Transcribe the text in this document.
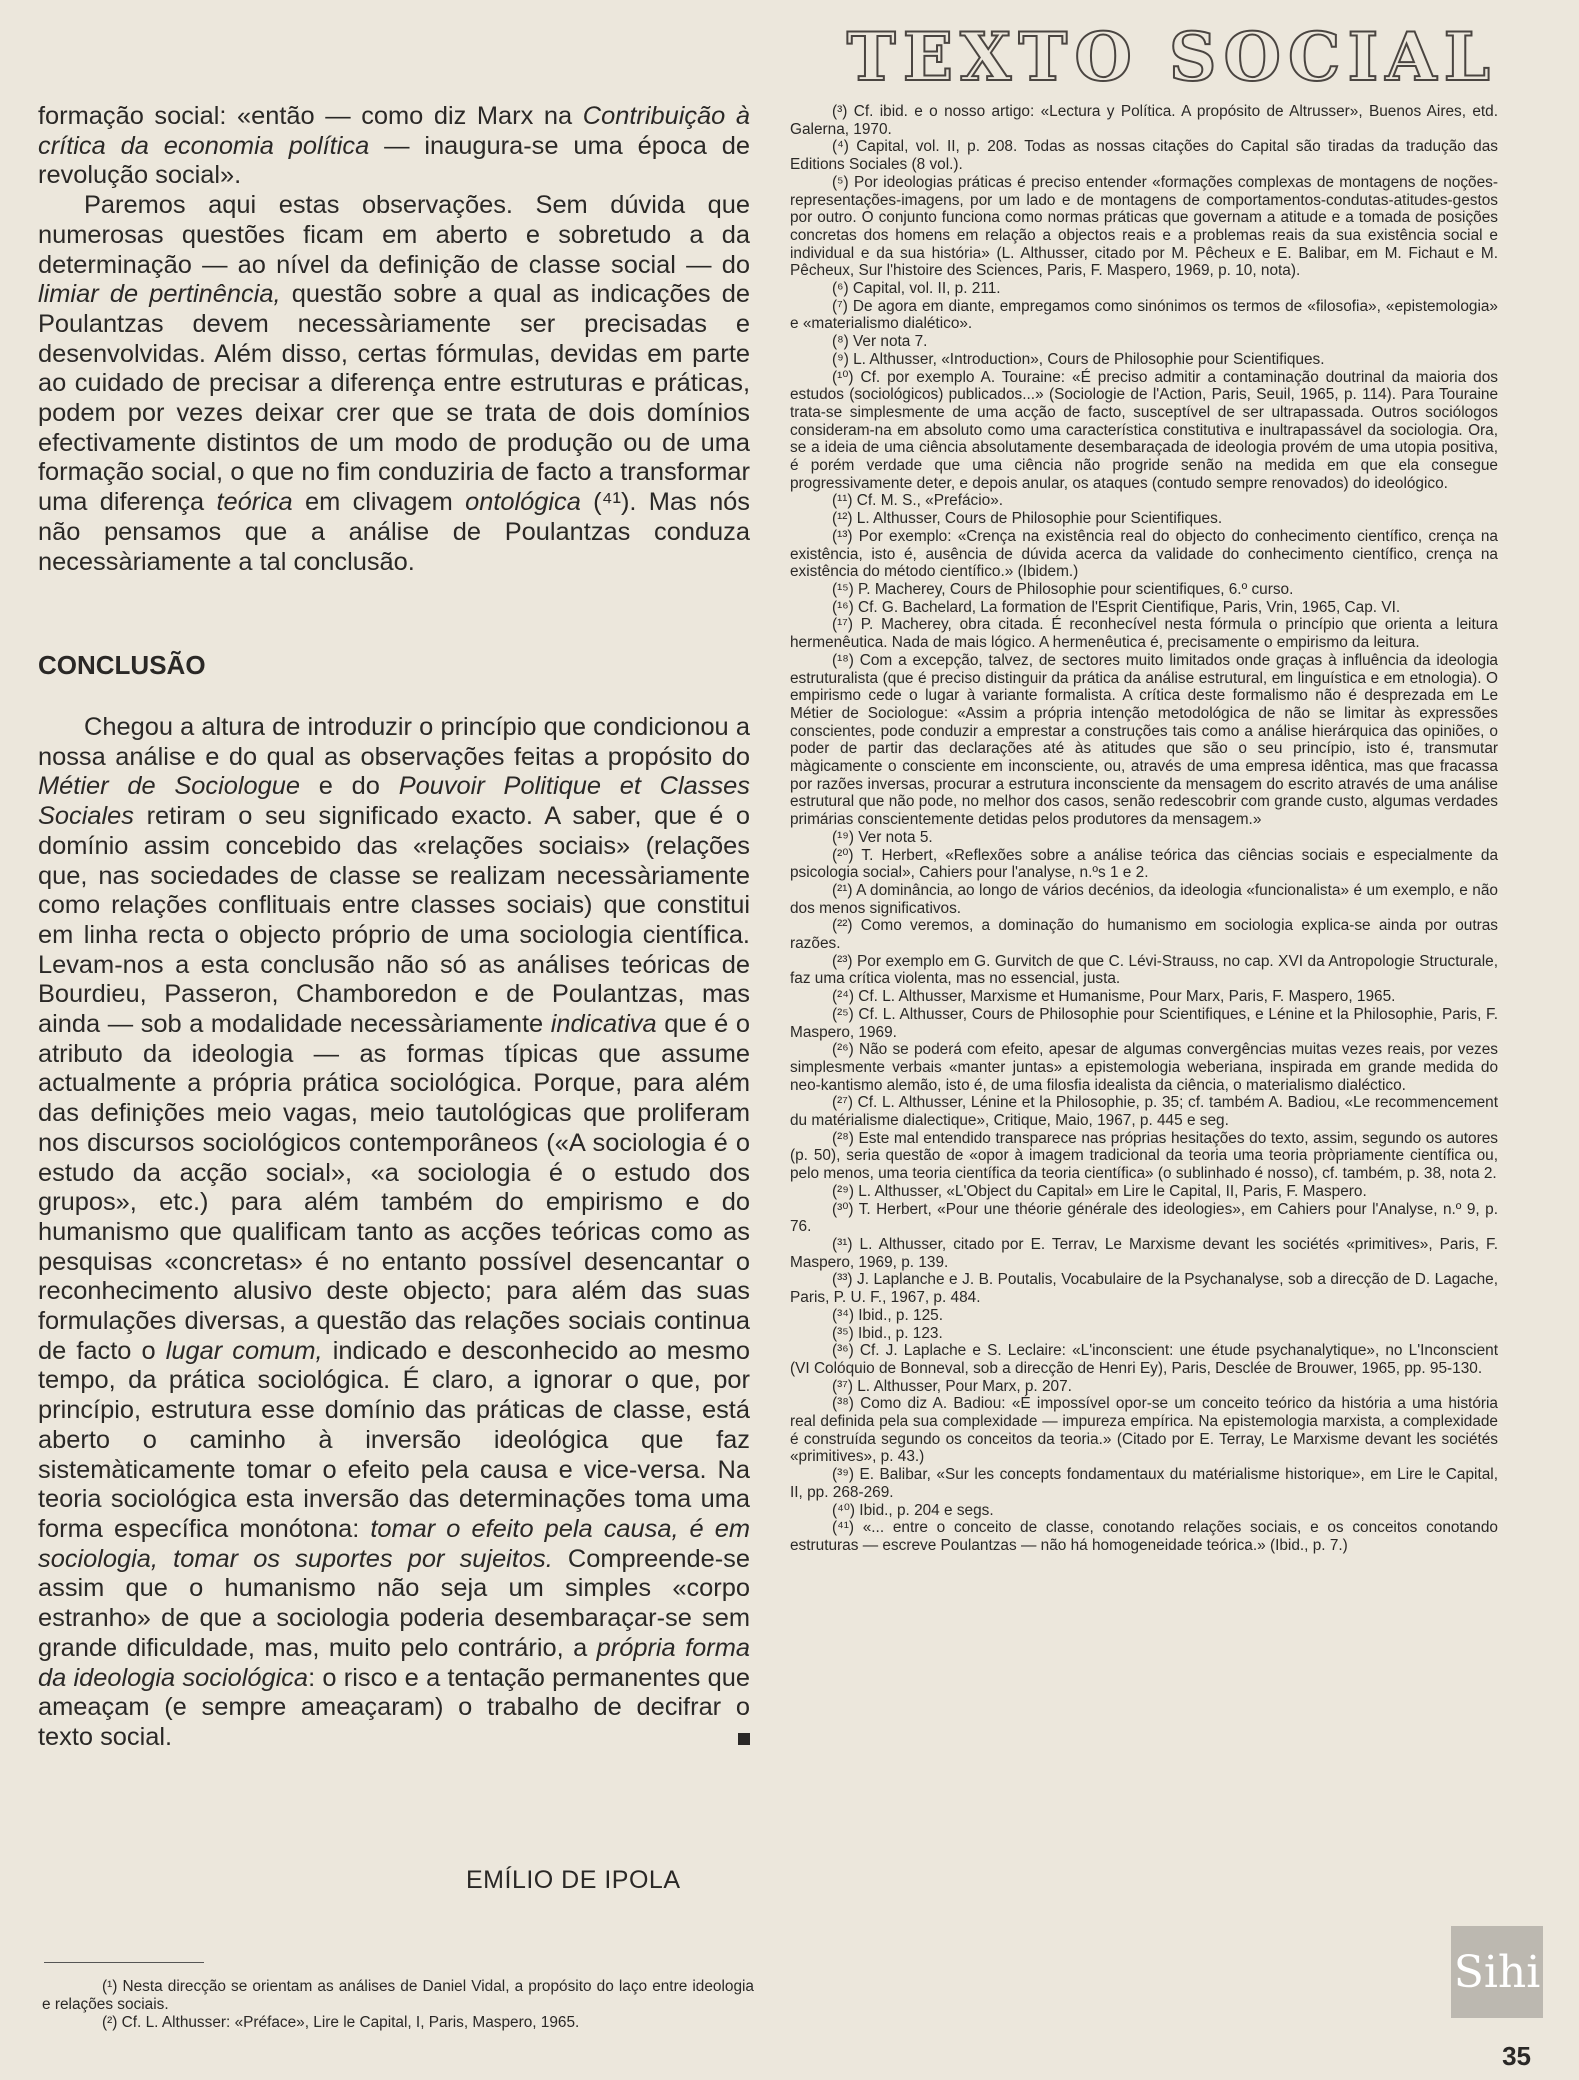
TEXTO SOCIAL

formação social: «então — como diz Marx na Contribuição à crítica da economia política — inaugura-se uma época de revolução social».

Paremos aqui estas observações. Sem dúvida que numerosas questões ficam em aberto e sobretudo a da determinação — ao nível da definição de classe social — do limiar de pertinência, questão sobre a qual as indicações de Poulantzas devem necessàriamente ser precisadas e desenvolvidas. Além disso, certas fórmulas, devidas em parte ao cuidado de precisar a diferença entre estruturas e práticas, podem por vezes deixar crer que se trata de dois domínios efectivamente distintos de um modo de produção ou de uma formação social, o que no fim conduziria de facto a transformar uma diferença teórica em clivagem ontológica (⁴¹). Mas nós não pensamos que a análise de Poulantzas conduza necessàriamente a tal conclusão.

CONCLUSÃO

Chegou a altura de introduzir o princípio que condicionou a nossa análise e do qual as observações feitas a propósito do Métier de Sociologue e do Pouvoir Politique et Classes Sociales retiram o seu significado exacto. A saber, que é o domínio assim concebido das «relações sociais» (relações que, nas sociedades de classe se realizam necessàriamente como relações conflituais entre classes sociais) que constitui em linha recta o objecto próprio de uma sociologia científica. Levam-nos a esta conclusão não só as análises teóricas de Bourdieu, Passeron, Chamboredon e de Poulantzas, mas ainda — sob a modalidade necessàriamente indicativa que é o atributo da ideologia — as formas típicas que assume actualmente a própria prática sociológica. Porque, para além das definições meio vagas, meio tautológicas que proliferam nos discursos sociológicos contemporâneos («A sociologia é o estudo da acção social», «a sociologia é o estudo dos grupos», etc.) para além também do empirismo e do humanismo que qualificam tanto as acções teóricas como as pesquisas «concretas» é no entanto possível desencantar o reconhecimento alusivo deste objecto; para além das suas formulações diversas, a questão das relações sociais continua de facto o lugar comum, indicado e desconhecido ao mesmo tempo, da prática sociológica. É claro, a ignorar o que, por princípio, estrutura esse domínio das práticas de classe, está aberto o caminho à inversão ideológica que faz sistemàticamente tomar o efeito pela causa e vice-versa. Na teoria sociológica esta inversão das determinações toma uma forma específica monótona: tomar o efeito pela causa, é em sociologia, tomar os suportes por sujeitos. Compreende-se assim que o humanismo não seja um simples «corpo estranho» de que a sociologia poderia desembaraçar-se sem grande dificuldade, mas, muito pelo contrário, a própria forma da ideologia sociológica: o risco e a tentação permanentes que ameaçam (e sempre ameaçaram) o trabalho de decifrar o texto social.

EMÍLIO DE IPOLA

(¹) Nesta direcção se orientam as análises de Daniel Vidal, a propósito do laço entre ideologia e relações sociais.

(²) Cf. L. Althusser: «Préface», Lire le Capital, I, Paris, Maspero, 1965.

(³) Cf. ibid. e o nosso artigo: «Lectura y Política. A propósito de Altrusser», Buenos Aires, etd. Galerna, 1970.

(⁴) Capital, vol. II, p. 208. Todas as nossas citações do Capital são tiradas da tradução das Editions Sociales (8 vol.).

(⁵) Por ideologias práticas é preciso entender «formações complexas de montagens de noções-representações-imagens, por um lado e de montagens de comportamentos-condutas-atitudes-gestos por outro. O conjunto funciona como normas práticas que governam a atitude e a tomada de posições concretas dos homens em relação a objectos reais e a problemas reais da sua existência social e individual e da sua história» (L. Althusser, citado por M. Pêcheux e E. Balibar, em M. Fichaut e M. Pêcheux, Sur l'histoire des Sciences, Paris, F. Maspero, 1969, p. 10, nota).

(⁶) Capital, vol. II, p. 211.

(⁷) De agora em diante, empregamos como sinónimos os termos de «filosofia», «epistemologia» e «materialismo dialético».

(⁸) Ver nota 7.

(⁹) L. Althusser, «Introduction», Cours de Philosophie pour Scientifiques.

(¹⁰) Cf. por exemplo A. Touraine: «É preciso admitir a contaminação doutrinal da maioria dos estudos (sociológicos) publicados...» (Sociologie de l'Action, Paris, Seuil, 1965, p. 114). Para Touraine trata-se simplesmente de uma acção de facto, susceptível de ser ultrapassada. Outros sociólogos consideram-na em absoluto como uma característica constitutiva e inultrapassável da sociologia. Ora, se a ideia de uma ciência absolutamente desembaraçada de ideologia provém de uma utopia positiva, é porém verdade que uma ciência não progride senão na medida em que ela consegue progressivamente deter, e depois anular, os ataques (contudo sempre renovados) do ideológico.

(¹¹) Cf. M. S., «Prefácio».

(¹²) L. Althusser, Cours de Philosophie pour Scientifiques.

(¹³) Por exemplo: «Crença na existência real do objecto do conhecimento científico, crença na existência, isto é, ausência de dúvida acerca da validade do conhecimento científico, crença na existência do método científico.» (Ibidem.)

(¹⁵) P. Macherey, Cours de Philosophie pour scientifiques, 6.º curso.

(¹⁶) Cf. G. Bachelard, La formation de l'Esprit Cientifique, Paris, Vrin, 1965, Cap. VI.

(¹⁷) P. Macherey, obra citada. É reconhecível nesta fórmula o princípio que orienta a leitura hermenêutica. Nada de mais lógico. A hermenêutica é, precisamente o empirismo da leitura.

(¹⁸) Com a excepção, talvez, de sectores muito limitados onde graças à influência da ideologia estruturalista (que é preciso distinguir da prática da análise estrutural, em linguística e em etnologia). O empirismo cede o lugar à variante formalista. A crítica deste formalismo não é desprezada em Le Métier de Sociologue: «Assim a própria intenção metodológica de não se limitar às expressões conscientes, pode conduzir a emprestar a construções tais como a análise hierárquica das opiniões, o poder de partir das declarações até às atitudes que são o seu princípio, isto é, transmutar màgicamente o consciente em inconsciente, ou, através de uma empresa idêntica, mas que fracassa por razões inversas, procurar a estrutura inconsciente da mensagem do escrito através de uma análise estrutural que não pode, no melhor dos casos, senão redescobrir com grande custo, algumas verdades primárias conscientemente detidas pelos produtores da mensagem.»

(¹⁹) Ver nota 5.

(²⁰) T. Herbert, «Reflexões sobre a análise teórica das ciências sociais e especialmente da psicologia social», Cahiers pour l'analyse, n.ºs 1 e 2.

(²¹) A dominância, ao longo de vários decénios, da ideologia «funcionalista» é um exemplo, e não dos menos significativos.

(²²) Como veremos, a dominação do humanismo em sociologia explica-se ainda por outras razões.

(²³) Por exemplo em G. Gurvitch de que C. Lévi-Strauss, no cap. XVI da Antropologie Structurale, faz uma crítica violenta, mas no essencial, justa.

(²⁴) Cf. L. Althusser, Marxisme et Humanisme, Pour Marx, Paris, F. Maspero, 1965.

(²⁵) Cf. L. Althusser, Cours de Philosophie pour Scientifiques, e Lénine et la Philosophie, Paris, F. Maspero, 1969.

(²⁶) Não se poderá com efeito, apesar de algumas convergências muitas vezes reais, por vezes simplesmente verbais «manter juntas» a epistemologia weberiana, inspirada em grande medida do neo-kantismo alemão, isto é, de uma filosfia idealista da ciência, o materialismo dialéctico.

(²⁷) Cf. L. Althusser, Lénine et la Philosophie, p. 35; cf. também A. Badiou, «Le recommencement du matérialisme dialectique», Critique, Maio, 1967, p. 445 e seg.

(²⁸) Este mal entendido transparece nas próprias hesitações do texto, assim, segundo os autores (p. 50), seria questão de «opor à imagem tradicional da teoria uma teoria pròpriamente científica ou, pelo menos, uma teoria científica da teoria científica» (o sublinhado é nosso), cf. também, p. 38, nota 2.

(²⁹) L. Althusser, «L'Object du Capital» em Lire le Capital, II, Paris, F. Maspero.

(³⁰) T. Herbert, «Pour une théorie générale des ideologies», em Cahiers pour l'Analyse, n.º 9, p. 76.

(³¹) L. Althusser, citado por E. Terrav, Le Marxisme devant les sociétés «primitives», Paris, F. Maspero, 1969, p. 139.

(³³) J. Laplanche e J. B. Poutalis, Vocabulaire de la Psychanalyse, sob a direcção de D. Lagache, Paris, P. U. F., 1967, p. 484.

(³⁴) Ibid., p. 125.

(³⁵) Ibid., p. 123.

(³⁶) Cf. J. Laplache e S. Leclaire: «L'inconscient: une étude psychanalytique», no L'Inconscient (VI Colóquio de Bonneval, sob a direcção de Henri Ey), Paris, Desclée de Brouwer, 1965, pp. 95-130.

(³⁷) L. Althusser, Pour Marx, p. 207.

(³⁸) Como diz A. Badiou: «É impossível opor-se um conceito teórico da história a uma história real definida pela sua complexidade — impureza empírica. Na epistemologia marxista, a complexidade é construída segundo os conceitos da teoria.» (Citado por E. Terray, Le Marxisme devant les sociétés «primitives», p. 43.)

(³⁹) E. Balibar, «Sur les concepts fondamentaux du matérialisme historique», em Lire le Capital, II, pp. 268-269.

(⁴⁰) Ibid., p. 204 e segs.

(⁴¹) «... entre o conceito de classe, conotando relações sociais, e os conceitos conotando estruturas — escreve Poulantzas — não há homogeneidade teórica.» (Ibid., p. 7.)

Sihi
35
